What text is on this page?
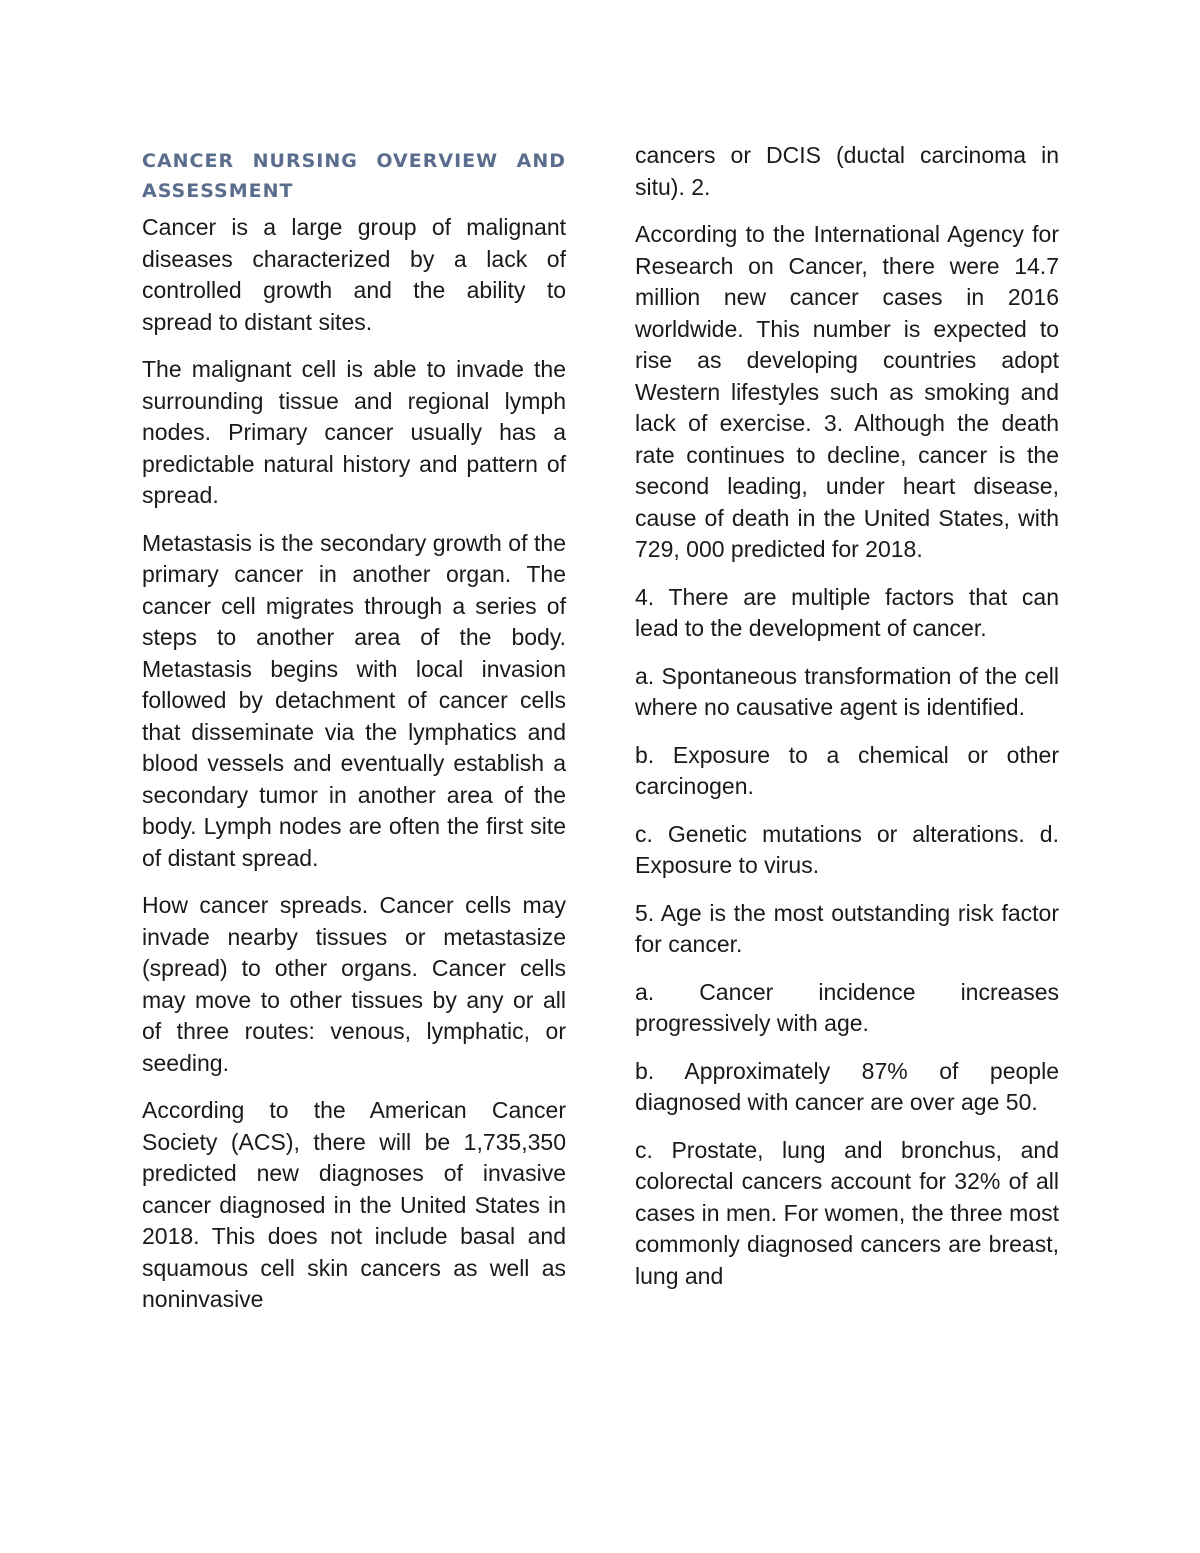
CANCER NURSING OVERVIEW AND ASSESSMENT

Cancer is a large group of malignant diseases characterized by a lack of controlled growth and the ability to spread to distant sites.

The malignant cell is able to invade the surrounding tissue and regional lymph nodes. Primary cancer usually has a predictable natural history and pattern of spread.

Metastasis is the secondary growth of the primary cancer in another organ. The cancer cell migrates through a series of steps to another area of the body. Metastasis begins with local invasion followed by detachment of cancer cells that disseminate via the lymphatics and blood vessels and eventually establish a secondary tumor in another area of the body. Lymph nodes are often the first site of distant spread.

How cancer spreads. Cancer cells may invade nearby tissues or metastasize (spread) to other organs. Cancer cells may move to other tissues by any or all of three routes: venous, lymphatic, or seeding.

According to the American Cancer Society (ACS), there will be 1,735,350 predicted new diagnoses of invasive cancer diagnosed in the United States in 2018. This does not include basal and squamous cell skin cancers as well as noninvasive

cancers or DCIS (ductal carcinoma in situ). 2.

According to the International Agency for Research on Cancer, there were 14.7 million new cancer cases in 2016 worldwide. This number is expected to rise as developing countries adopt Western lifestyles such as smoking and lack of exercise. 3. Although the death rate continues to decline, cancer is the second leading, under heart disease, cause of death in the United States, with 729, 000 predicted for 2018.

4. There are multiple factors that can lead to the development of cancer.

a. Spontaneous transformation of the cell where no causative agent is identified.

b. Exposure to a chemical or other carcinogen.

c. Genetic mutations or alterations. d. Exposure to virus.

5. Age is the most outstanding risk factor for cancer.

a. Cancer incidence increases progressively with age.

b. Approximately 87% of people diagnosed with cancer are over age 50.

c. Prostate, lung and bronchus, and colorectal cancers account for 32% of all cases in men. For women, the three most commonly diagnosed cancers are breast, lung and
